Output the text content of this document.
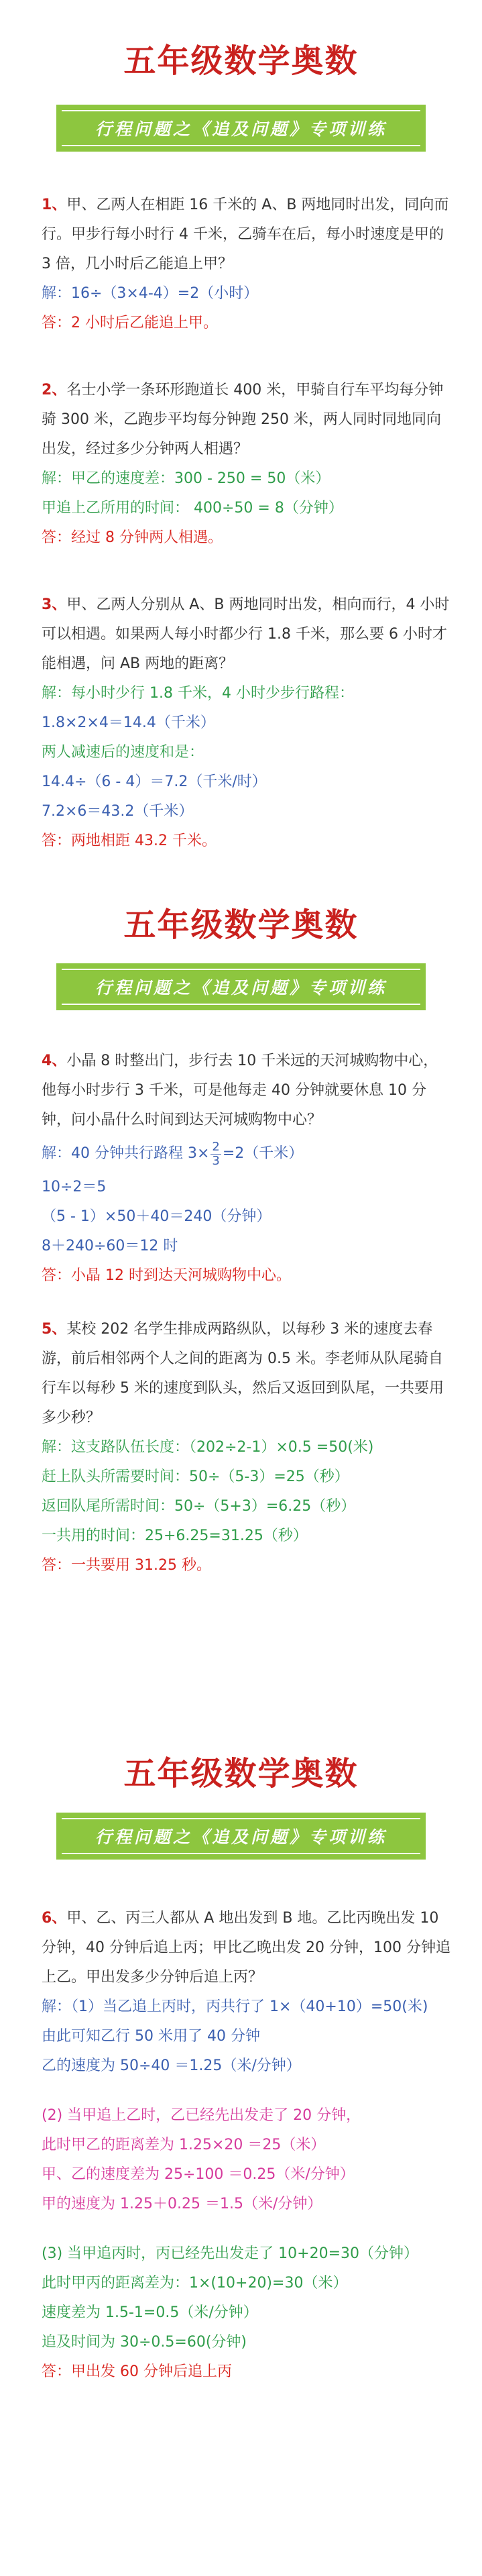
五年级数学奥数
行程问题之《追及问题》专项训练

1、甲、乙两人在相距 16 千米的 A、B 两地同时出发，同向而行。甲步行每小时行 4 千米，乙骑车在后，每小时速度是甲的 3 倍，几小时后乙能追上甲？

解：16÷（3×4-4）=2（小时）

答：2 小时后乙能追上甲。

2、名士小学一条环形跑道长 400 米，甲骑自行车平均每分钟骑 300 米，乙跑步平均每分钟跑 250 米，两人同时同地同向出发，经过多少分钟两人相遇？

解：甲乙的速度差：300 - 250 = 50（米）

甲追上乙所用的时间： 400÷50 = 8（分钟）

答：经过 8 分钟两人相遇。

3、甲、乙两人分别从 A、B 两地同时出发，相向而行，4 小时可以相遇。如果两人每小时都少行 1.8 千米，那么要 6 小时才能相遇，问 AB 两地的距离？

解：每小时少行 1.8 千米，4 小时少步行路程：

1.8×2×4＝14.4（千米）

两人减速后的速度和是：

14.4÷（6 - 4）＝7.2（千米/时）

7.2×6＝43.2（千米）

答：两地相距 43.2 千米。

五年级数学奥数
行程问题之《追及问题》专项训练

4、小晶 8 时整出门，步行去 10 千米远的天河城购物中心，他每小时步行 3 千米，可是他每走 40 分钟就要休息 10 分钟，问小晶什么时间到达天河城购物中心？

解：40 分钟共行路程 $3\times \frac{2}{3} =2$（千米）

10÷2＝5

（5 - 1）×50＋40＝240（分钟）

8＋240÷60＝12 时

答：小晶 12 时到达天河城购物中心。

5、某校 202 名学生排成两路纵队，以每秒 3 米的速度去春游，前后相邻两个人之间的距离为 0.5 米。李老师从队尾骑自行车以每秒 5 米的速度到队头，然后又返回到队尾，一共要用多少秒？

解：这支路队伍长度：（202÷2-1）×0.5 =50(米)

赶上队头所需要时间：50÷（5-3）=25（秒）

返回队尾所需时间：50÷（5+3）=6.25（秒）

一共用的时间：25+6.25=31.25（秒）

答：一共要用 31.25 秒。

五年级数学奥数
行程问题之《追及问题》专项训练

6、甲、乙、丙三人都从 A 地出发到 B 地。乙比丙晚出发 10 分钟，40 分钟后追上丙；甲比乙晚出发 20 分钟，100 分钟追上乙。甲出发多少分钟后追上丙？

解：（1）当乙追上丙时，丙共行了 1×（40+10）=50(米)

由此可知乙行 50 米用了 40 分钟

乙的速度为 50÷40 ＝1.25（米/分钟）

(2) 当甲追上乙时，乙已经先出发走了 20 分钟，

此时甲乙的距离差为 1.25×20 ＝25（米）

甲、乙的速度差为 25÷100 ＝0.25（米/分钟）

甲的速度为 1.25＋0.25 ＝1.5（米/分钟）

(3) 当甲追丙时，丙已经先出发走了 10+20=30（分钟）

此时甲丙的距离差为：1×(10+20)=30（米）

速度差为 1.5-1=0.5（米/分钟）

追及时间为 30÷0.5=60(分钟)

答：甲出发 60 分钟后追上丙
